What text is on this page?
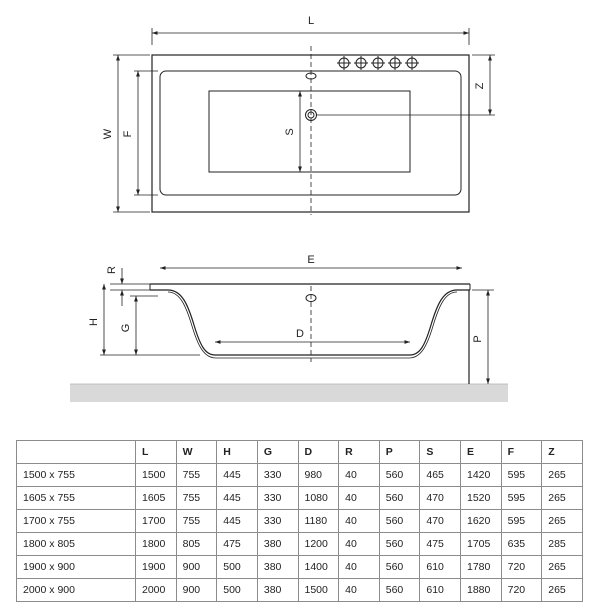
L
W F	S
Z
E
R
H
G	D	P
	L	W	H	G	D	R	P	S	E	F	Z
1500 x 755	1500	755	445	330	980	40	560	465	1420	595	265
1605 x 755	1605	755	445	330	1080	40	560	470	1520	595	265
1700 x 755	1700	755	445	330	1180	40	560	470	1620	595	265
1800 x 805	1800	805	475	380	1200	40	560	475	1705	635	285
1900 x 900	1900	900	500	380	1400	40	560	610	1780	720	265
2000 x 900	2000	900	500	380	1500	40	560	610	1880	720	265
